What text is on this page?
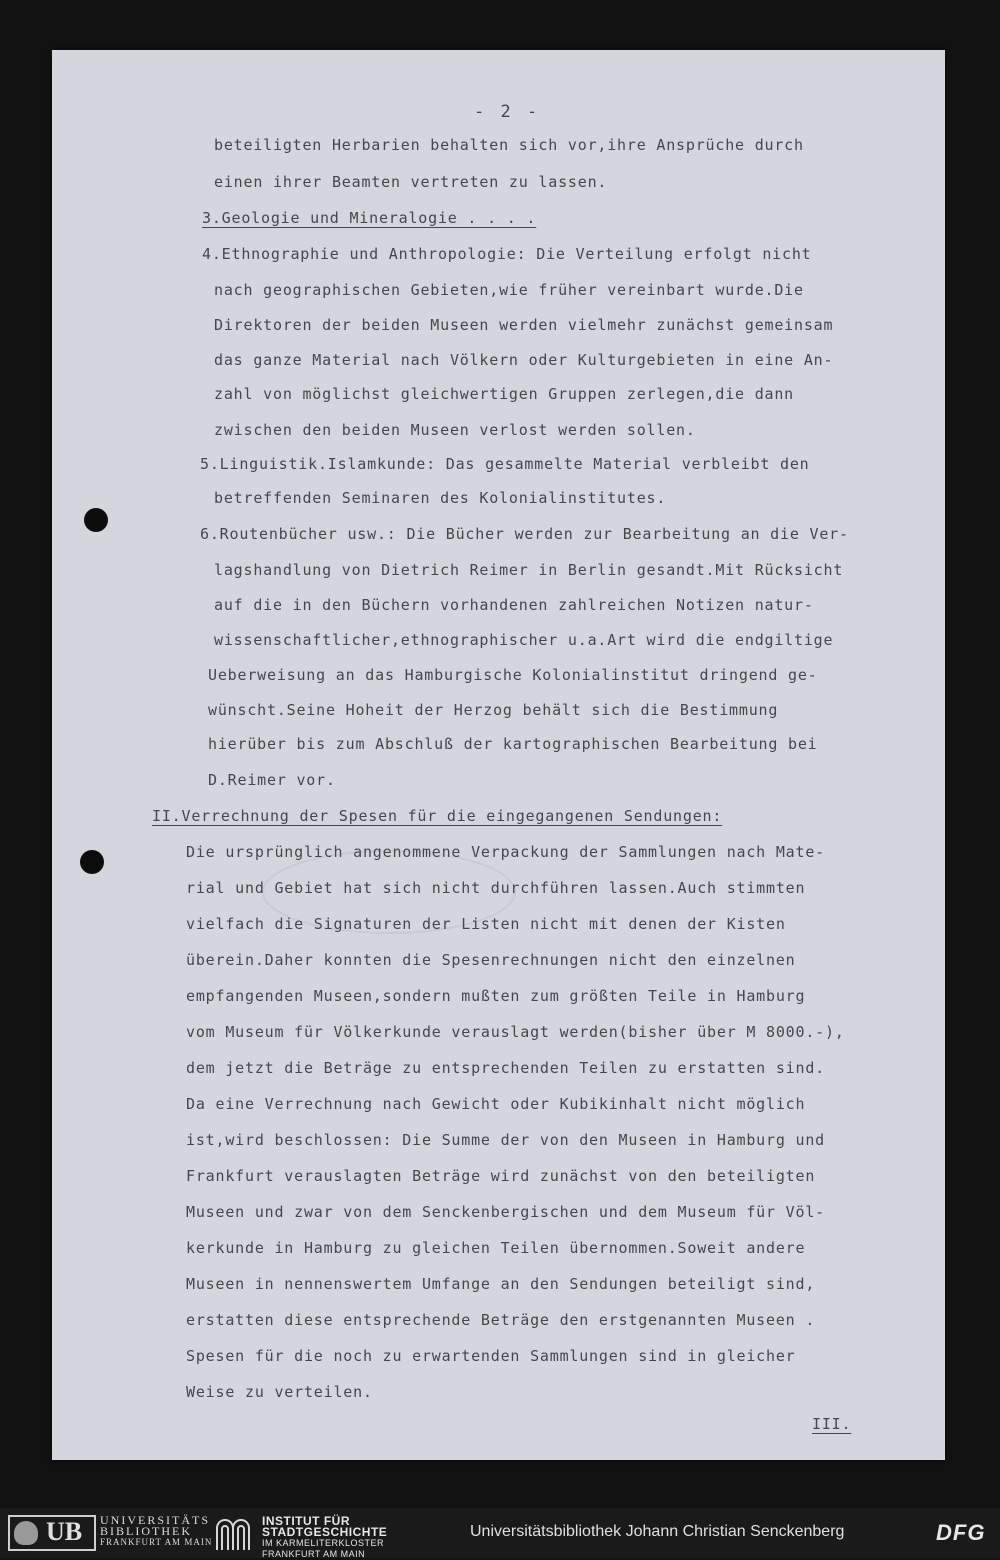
- 2 -
beteiligten Herbarien behalten sich vor,ihre Ansprüche durch
einen ihrer Beamten vertreten zu lassen.
3.Geologie und Mineralogie . . . .
4.Ethnographie und Anthropologie: Die Verteilung erfolgt nicht
nach geographischen Gebieten,wie früher vereinbart wurde.Die
Direktoren der beiden Museen werden vielmehr zunächst gemeinsam
das ganze Material nach Völkern oder Kulturgebieten in eine An-
zahl von möglichst gleichwertigen Gruppen zerlegen,die dann
zwischen den beiden Museen verlost werden sollen.
5.Linguistik.Islamkunde: Das gesammelte Material verbleibt den
betreffenden Seminaren des Kolonialinstitutes.
6.Routenbücher usw.: Die Bücher werden zur Bearbeitung an die Ver-
lagshandlung von Dietrich Reimer in Berlin gesandt.Mit Rücksicht
auf die in den Büchern vorhandenen zahlreichen Notizen natur-
wissenschaftlicher,ethnographischer u.a.Art wird die endgiltige
Ueberweisung an das Hamburgische Kolonialinstitut dringend ge-
wünscht.Seine Hoheit der Herzog behält sich die Bestimmung
hierüber bis zum Abschluß der kartographischen Bearbeitung bei
D.Reimer vor.
II.Verrechnung der Spesen für die eingegangenen Sendungen:
Die ursprünglich angenommene Verpackung der Sammlungen nach Mate-
rial und Gebiet hat sich nicht durchführen lassen.Auch stimmten
vielfach die Signaturen der Listen nicht mit denen der Kisten
überein.Daher konnten die Spesenrechnungen nicht den einzelnen
empfangenden Museen,sondern mußten zum größten Teile in Hamburg
vom Museum für Völkerkunde verauslagt werden(bisher über M 8000.-),
dem jetzt die Beträge zu entsprechenden Teilen zu erstatten sind.
Da eine Verrechnung nach Gewicht oder Kubikinhalt nicht möglich
ist,wird beschlossen: Die Summe der von den Museen in Hamburg und
Frankfurt verauslagten Beträge wird zunächst von den beteiligten
Museen und zwar von dem Senckenbergischen und dem Museum für Völ-
kerkunde in Hamburg zu gleichen Teilen übernommen.Soweit andere
Museen in nennenswertem Umfange an den Sendungen beteiligt sind,
erstatten diese entsprechende Beträge den erstgenannten Museen .
Spesen für die noch zu erwartenden Sammlungen sind in gleicher
Weise zu verteilen.
III.
UB UNIVERSITÄTS
BIBLIOTHEK
FRANKFURT AM MAIN
INSTITUT FÜR
STADTGESCHICHTE
IM KARMELITERKLOSTER
FRANKFURT AM MAIN
Universitätsbibliothek Johann Christian Senckenberg	DFG
